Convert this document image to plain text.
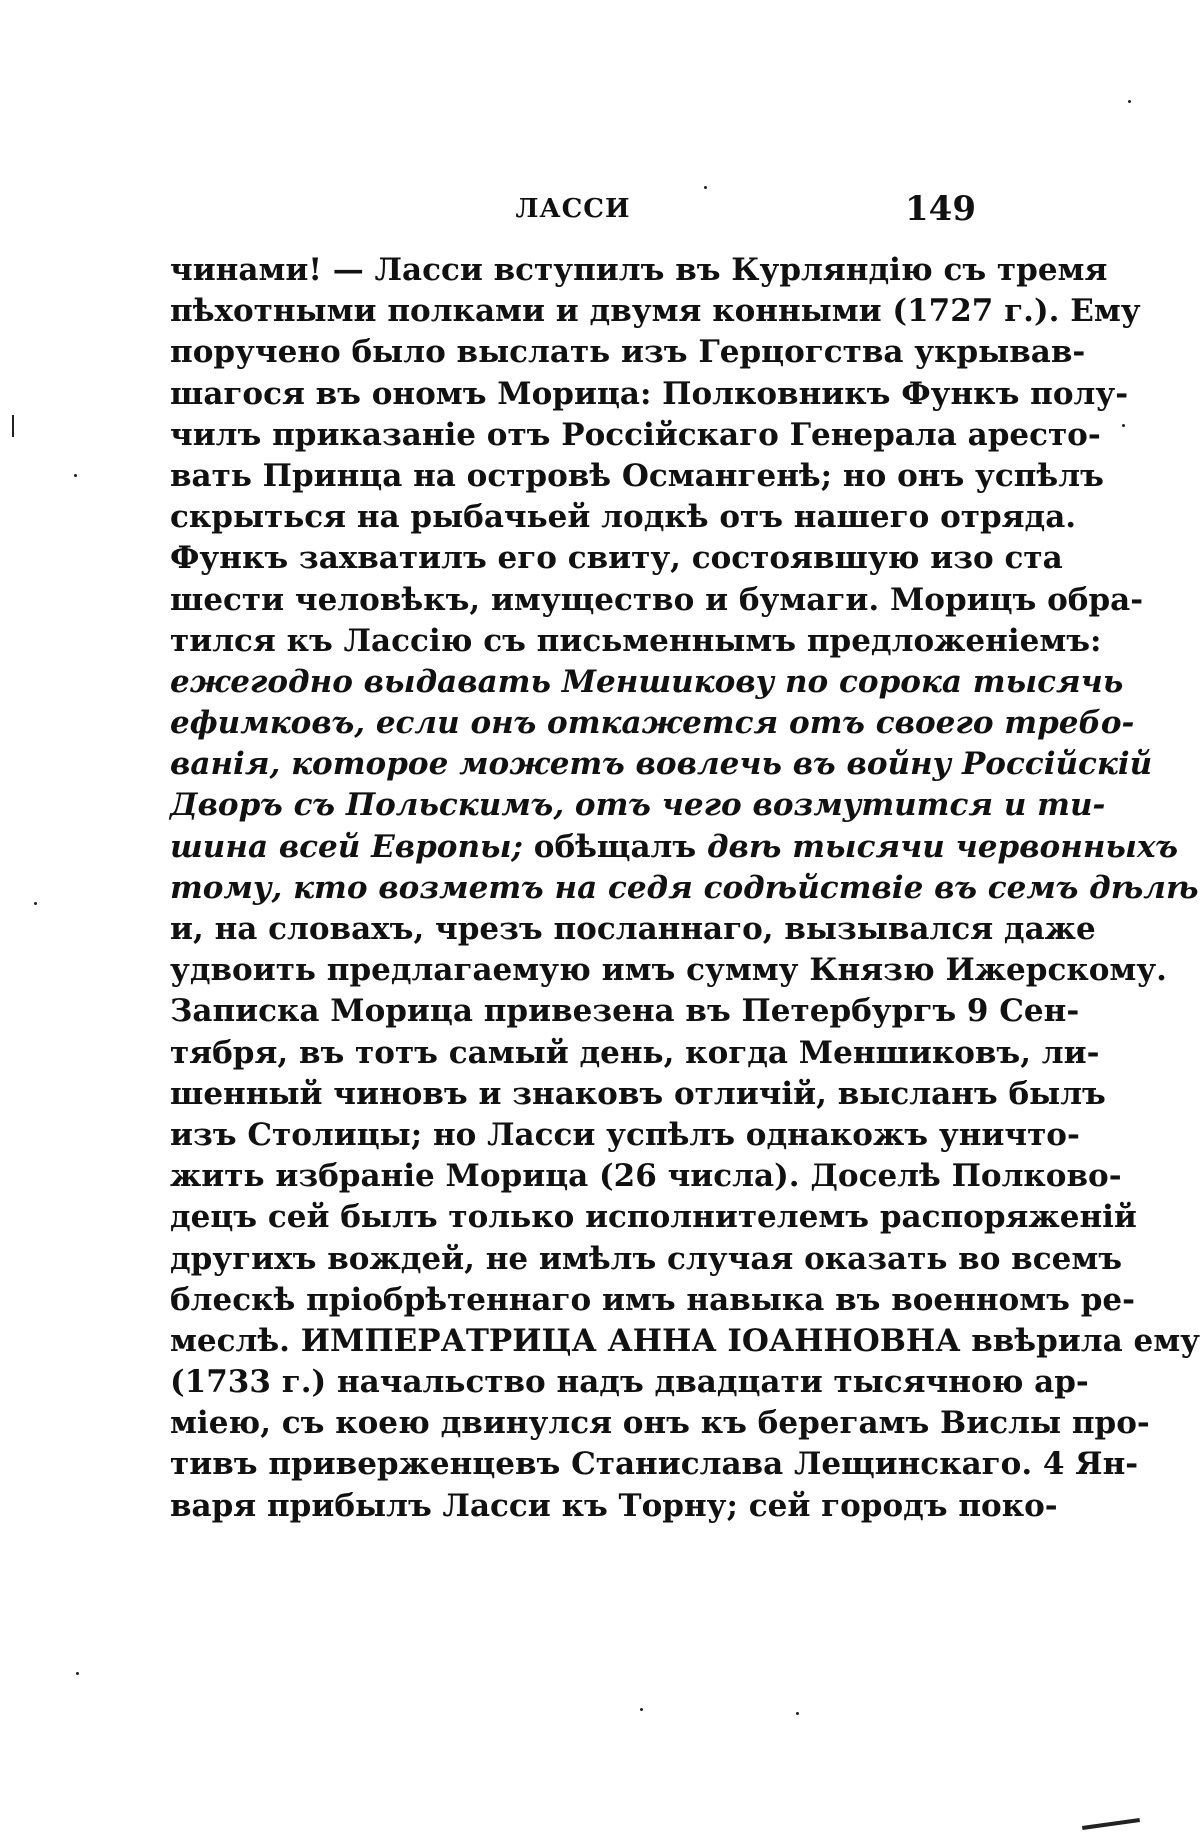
ЛАССИ	149
чинами! — Ласси вступилъ въ Курляндію съ тремя
пѣхотными полками и двумя конными (1727 г.). Ему
поручено было выслать изъ Герцогства укрывав-
шагося въ ономъ Морица: Полковникъ Функъ полу-
чилъ приказаніе отъ Россійскаго Генерала аресто-
вать Принца на островѣ Османгенѣ; но онъ успѣлъ
скрыться на рыбачьей лодкѣ отъ нашего отряда.
Функъ захватилъ его свиту, состоявшую изо ста
шести человѣкъ, имущество и бумаги. Морицъ обра-
тился къ Лассію съ письменнымъ предложеніемъ:
ежегодно выдавать Меншикову по сорока тысячь
ефимковъ, если онъ откажется отъ своего требо-
ванія, которое можетъ вовлечь въ войну Россійскій
Дворъ съ Польскимъ, отъ чего возмутится и ти-
шина всей Европы; обѣщалъ двѣ тысячи червонныхъ
тому, кто возметъ на седя содѣйствіе въ семъ дѣлѣ
и, на словахъ, чрезъ посланнаго, вызывался даже
удвоить предлагаемую имъ сумму Князю Ижерскому.
Записка Морица привезена въ Петербургъ 9 Сен-
тября, въ тотъ самый день, когда Меншиковъ, ли-
шенный чиновъ и знаковъ отличій, высланъ былъ
изъ Столицы; но Ласси успѣлъ однакожъ уничто-
жить избраніе Морица (26 числа). Доселѣ Полково-
децъ сей былъ только исполнителемъ распоряженій
другихъ вождей, не имѣлъ случая оказать во всемъ
блескѣ пріобрѣтеннаго имъ навыка въ военномъ ре-
меслѣ. ИМПЕРАТРИЦА АННА ІОАННОВНА ввѣрила ему
(1733 г.) начальство надъ двадцати тысячною ар-
міею, съ коею двинулся онъ къ берегамъ Вислы про-
тивъ приверженцевъ Станислава Лещинскаго. 4 Ян-
варя прибылъ Ласси къ Торну; сей городъ поко-
